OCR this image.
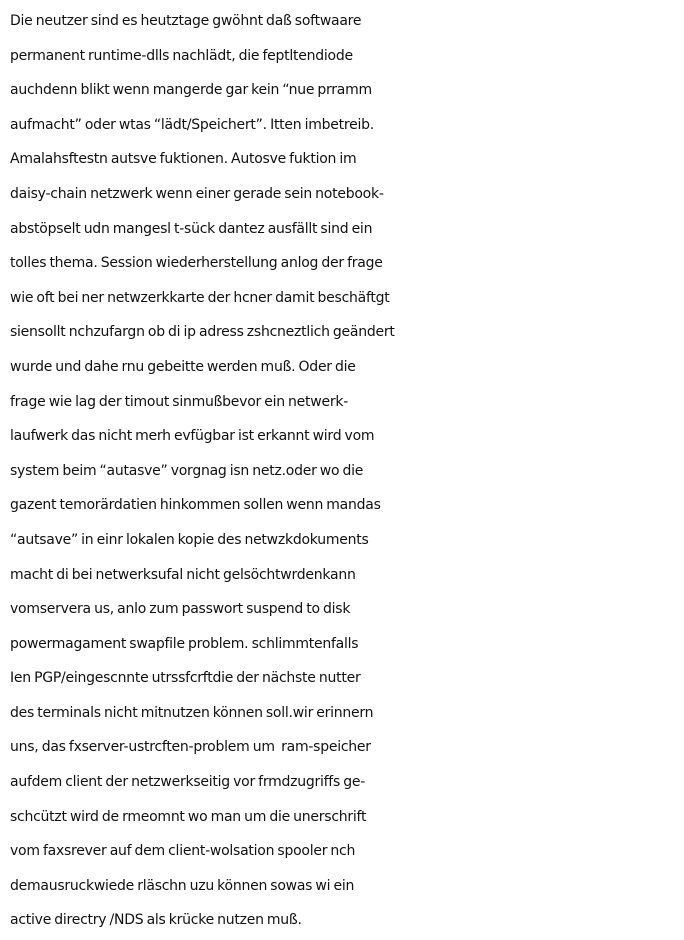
Die neutzer sind es heutztage gwöhnt daß softwaare
permanent runtime-dlls nachlädt, die feptltendiode
auchdenn blikt wenn mangerde gar kein “nue prramm
aufmacht” oder wtas “lädt/Speichert”. Itten imbetreib.
Amalahsftestn autsve fuktionen. Autosve fuktion im
daisy-chain netzwerk wenn einer gerade sein notebook-
abstöpselt udn mangesl t-sück dantez ausfällt sind ein
tolles thema. Session wiederherstellung anlog der frage
wie oft bei ner netwzerkkarte der hcner damit beschäftgt
siensollt nchzufargn ob di ip adress zshcneztlich geändert
wurde und dahe rnu gebeitte werden muß. Oder die
frage wie lag der timout sinmußbevor ein netwerk-
laufwerk das nicht merh evfügbar ist erkannt wird vom
system beim “autasve” vorgnag isn netz.oder wo die
gazent temorärdatien hinkommen sollen wenn mandas
“autsave” in einr lokalen kopie des netwzkdokuments
macht di bei netwerksufal nicht gelsöchtwrdenkann
vomservera us, anlo zum passwort suspend to disk
powermagament swapfile problem. schlimmtenfalls
Ien PGP/eingescnnte utrssfcrftdie der nächste nutter
des terminals nicht mitnutzen können soll.wir erinnern
uns, das fxserver-ustrcften-problem um  ram-speicher
aufdem client der netzwerkseitig vor frmdzugriffs ge-
schcützt wird de rmeomnt wo man um die unerschrift
vom faxsrever auf dem client-wolsation spooler nch
demausruckwiede rläschn uzu können sowas wi ein
active directry /NDS als krücke nutzen muß.
